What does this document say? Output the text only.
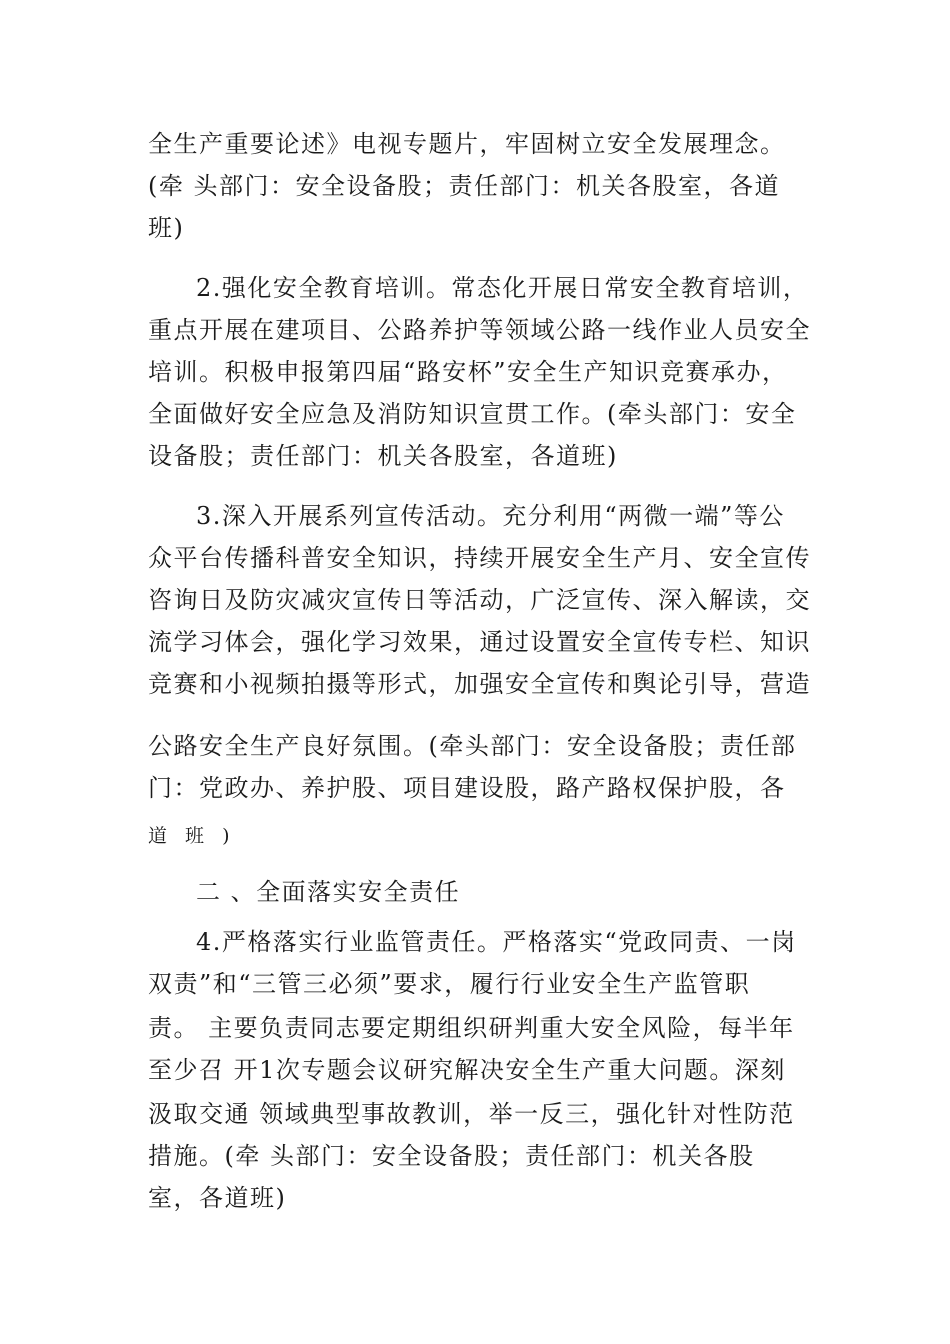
全生产重要论述》电视专题片，牢固树立安全发展理念。
(牵 头部门：安全设备股；责任部门：机关各股室，各道
班)
2.强化安全教育培训。常态化开展日常安全教育培训，
重点开展在建项目、公路养护等领域公路一线作业人员安全
培训。积极申报第四届“路安杯”安全生产知识竞赛承办，
全面做好安全应急及消防知识宣贯工作。(牵头部门：安全
设备股；责任部门：机关各股室，各道班)
3.深入开展系列宣传活动。充分利用“两微一端”等公
众平台传播科普安全知识，持续开展安全生产月、安全宣传
咨询日及防灾减灾宣传日等活动，广泛宣传、深入解读，交
流学习体会，强化学习效果，通过设置安全宣传专栏、知识
竞赛和小视频拍摄等形式，加强安全宣传和舆论引导，营造
公路安全生产良好氛围。(牵头部门：安全设备股；责任部
门：党政办、养护股、项目建设股，路产路权保护股，各
道 班 )
二 、全面落实安全责任
4.严格落实行业监管责任。严格落实“党政同责、一岗
双责”和“三管三必须”要求，履行行业安全生产监管职
责。 主要负责同志要定期组织研判重大安全风险，每半年
至少召 开1次专题会议研究解决安全生产重大问题。深刻
汲取交通 领域典型事故教训，举一反三，强化针对性防范
措施。(牵 头部门：安全设备股；责任部门：机关各股
室，各道班)
